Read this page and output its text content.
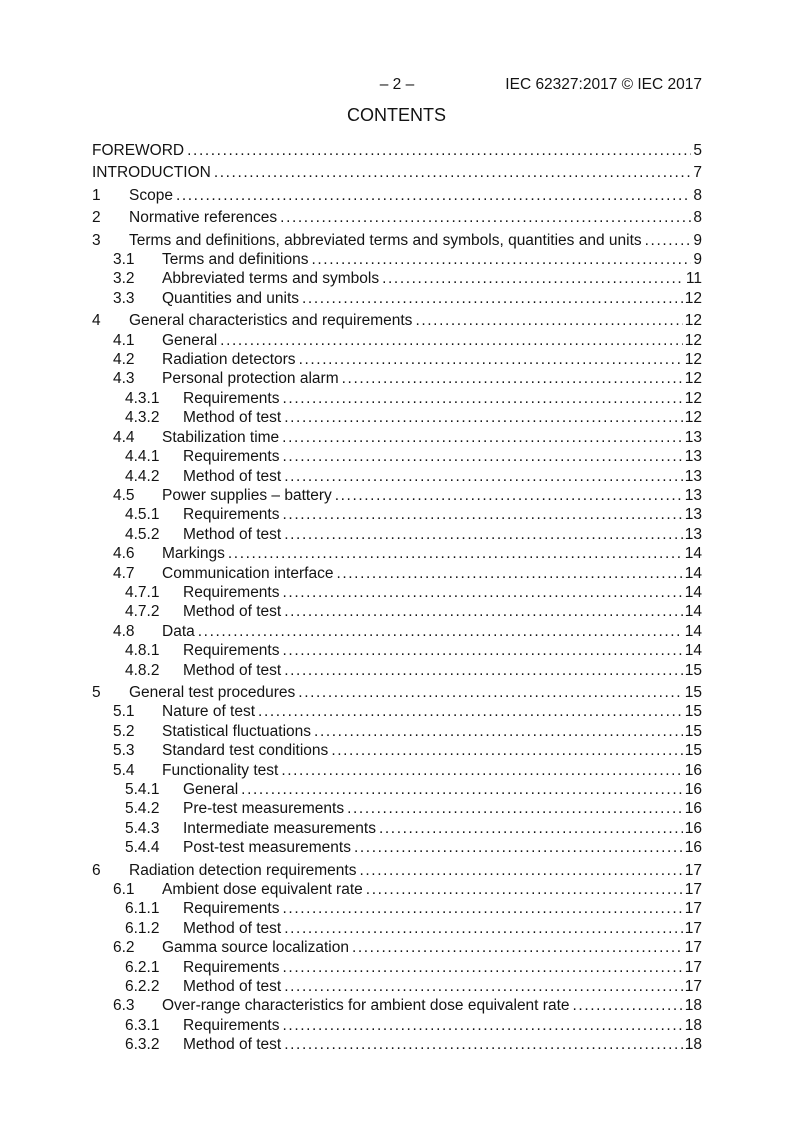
– 2 –	IEC 62327:2017 © IEC 2017
CONTENTS
FOREWORD .....	5
INTRODUCTION .....	7
1	Scope .....	8
2	Normative references .....	8
3	Terms and definitions, abbreviated terms and symbols, quantities and units .....	9
3.1	Terms and definitions .....	9
3.2	Abbreviated terms and symbols .....	11
3.3	Quantities and units .....	12
4	General characteristics and requirements .....	12
4.1	General .....	12
4.2	Radiation detectors .....	12
4.3	Personal protection alarm .....	12
4.3.1	Requirements .....	12
4.3.2	Method of test .....	12
4.4	Stabilization time .....	13
4.4.1	Requirements .....	13
4.4.2	Method of test .....	13
4.5	Power supplies – battery .....	13
4.5.1	Requirements .....	13
4.5.2	Method of test .....	13
4.6	Markings .....	14
4.7	Communication interface .....	14
4.7.1	Requirements .....	14
4.7.2	Method of test .....	14
4.8	Data .....	14
4.8.1	Requirements .....	14
4.8.2	Method of test .....	15
5	General test procedures .....	15
5.1	Nature of test .....	15
5.2	Statistical fluctuations .....	15
5.3	Standard test conditions .....	15
5.4	Functionality test .....	16
5.4.1	General .....	16
5.4.2	Pre-test measurements .....	16
5.4.3	Intermediate measurements .....	16
5.4.4	Post-test measurements .....	16
6	Radiation detection requirements .....	17
6.1	Ambient dose equivalent rate .....	17
6.1.1	Requirements .....	17
6.1.2	Method of test .....	17
6.2	Gamma source localization .....	17
6.2.1	Requirements .....	17
6.2.2	Method of test .....	17
6.3	Over-range characteristics for ambient dose equivalent rate .....	18
6.3.1	Requirements .....	18
6.3.2	Method of test .....	18
